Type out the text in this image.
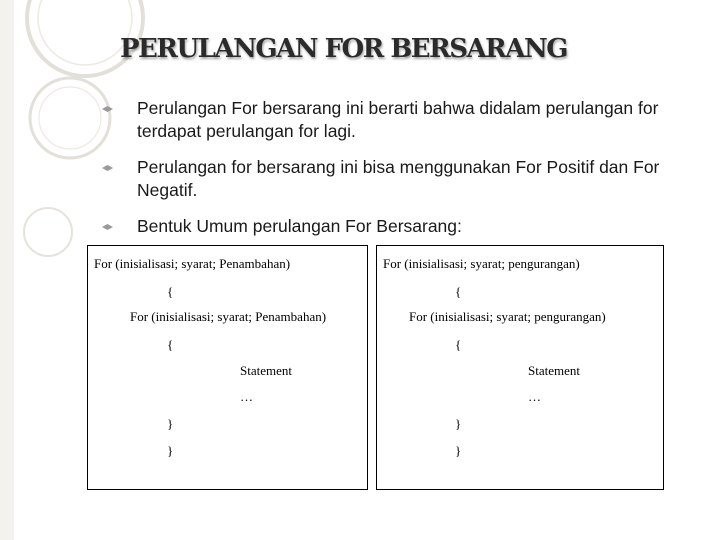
PERULANGAN FOR BERSARANG
Perulangan For bersarang ini berarti bahwa didalam perulangan for terdapat perulangan for lagi.
Perulangan for bersarang ini bisa menggunakan For Positif dan For Negatif.
Bentuk Umum perulangan For Bersarang:

For (inisialisasi; syarat; Penambahan)

{

For (inisialisasi; syarat; Penambahan)

{

Statement

…

}

}

For (inisialisasi; syarat; pengurangan)

{

For (inisialisasi; syarat; pengurangan)

{

Statement

…

}

}
